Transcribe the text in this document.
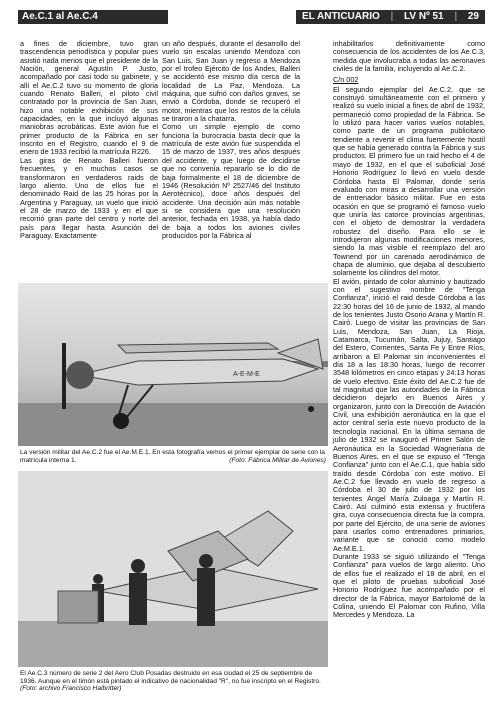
Ae.C.1 al Ae.C.4	EL ANTICUARIO | LV Nº 51 | 29

a fines de diciembre, tuvo gran trascendencia periodística y popular pues asistió nada menos que el presidente de la Nación, general Agustín P. Justo, acompañado por casi todo su gabinete, y allí el Ae.C.2 tuvo su momento de gloria cuando Renato Balleri, el piloto civil contratado por la provincia de San Juan, hizo una notable exhibición de sus capacidades, en la que incluyó algunas maniobras acrobáticas. Este avión fue el primer producto de la Fábrica en ser inscrito en el Registro, cuando el 9 de enero de 1933 recibió la matrícula R226.
Las giras de Renato Balleri fueron frecuentes, y en muchos casos se transformaron en verdaderos raids de largo aliento. Uno de ellos fue el denominado Raid de las 25 horas por la Argentina y Paraguay, un vuelo que inició el 28 de marzo de 1933 y en el que recorrió gran parte del centro y norte del país para llegar hasta Asunción del Paraguay. Exactamente

un año después, durante el desarrollo del vuelo sin escalas uniendo Mendoza con San Luis, San Juan y regreso a Mendoza por el trofeo Ejército de los Andes, Balleri se accidentó ese mismo día cerca de la localidad de La Paz, Mendoza. La máquina, que sufrió con daños graves, se envió a Córdoba, donde se recuperó el motor, mientras que los restos de la célula se tiraron a la chatarra.
Como un simple ejemplo de como funciona la burocracia basta decir que la matrícula de este avión fue suspendida el 15 de marzo de 1937, tres años después del accidente, y que luego de decidirse que no convenía repararlo se lo dio de baja formalmente el 18 de diciembre de 1946 (Resolución Nº 2527/46 del Instituto Aerotécnico), doce años después del accidente. Una decisión aún más notable si se considera que una resolución anterior, fechada en 1938, ya había dado de baja a todos los aviones civiles producidos por la Fábrica al

inhabilitarlos definitivamente como consecuencia de los accidentes de los Ae.C.3, medida que involucraba a todas las aeronaves civiles de la familia, incluyendo al Ae.C.2.

C/n 002

El segundo ejemplar del Ae.C.2, que se construyó simultáneamente con el primero y realizó su vuelo inicial a fines de abril de 1932, permaneció como propiedad de la Fábrica. Se lo utilizó para hacer varios vuelos notables, como parte de un programa publicitario tendiente a revertir el clima fuertemente hostil que se había generado contra la Fábrica y sus productos. El primero fue un raid hecho el 4 de mayo de 1932, en el que el suboficial José Honorio Rodríguez lo llevó en vuelo desde Córdoba hasta El Palomar, donde sería evaluado con miras a desarrollar una versión de entrenador básico militar. Fue en esta ocasión en que se programó el famoso vuelo que uniría las catorce provincias argentinas, con el objeto de demostrar la verdadera robustez del diseño. Para ello se le introdujeron algunas modificaciones menores, siendo la mas visible el reemplazo del aro Townend por un carenado aerodinámico de chapa de aluminio, que dejaba al descubierto solamente los cilindros del motor.
El avión, pintado de color aluminio y bautizado con el sugestivo nombre de "Tenga Confianza", inició el raid desde Córdoba a las 22:30 horas del 16 de junio de 1932, al mando de los tenientes Justo Osorio Arana y Martín R. Cairó. Luego de visitar las provincias de San Luis, Mendoza, San Juan, La Rioja, Catamarca, Tucumán, Salta, Jujuy, Santiago del Estero, Corrientes, Santa Fe y Entre Ríos, arribaron a El Palomar sin inconvenientes el día 18 a las 18:30 horas, luego de recorrer 3548 kilómetros en cinco etapas y 24:13 horas de vuelo efectivo. Este éxito del Ae.C.2 fue de tal magnitud que las autoridades de la Fábrica decidieron dejarlo en Buenos Aires y organizaron, junto con la Dirección de Aviación Civil, una exhibición aeronáutica en la que el actor central sería este nuevo producto de la tecnología nacional. En la última semana de julio de 1932 se inauguró el Primer Salón de Aeronáutica en la Sociedad Wagneriana de Buenos Aires, en el que se expuso el "Tenga Confianza" junto con el Ae.C.1, que había sido traído desde Córdoba con este motivo. El Ae.C.2 fue llevado en vuelo de regreso a Córdoba el 30 de julio de 1932 por los tenientes Ángel María Zuloaga y Martín R. Cairó. Así culminó esta extensa y fructífera gira, cuya consecuencia directa fue la compra, por parte del Ejército, de una serie de aviones para usarlos como entrenadores primarios, variante que se conoció como modelo Ae.M.E.1.
Durante 1933 se siguió utilizando el "Tenga Confianza" para vuelos de largo aliento. Uno de ellos fue el realizado el 18 de abril, en el que el piloto de pruebas suboficial José Honorio Rodríguez fue acompañado por el director de la Fábrica, mayor Bartolomé de la Colina, uniendo El Palomar con Rufino, Villa Mercedes y Mendoza. La

A-E-M-E
La versión militar del Ae.C.2 fue el Ae.M.E.1. En esta fotografía vemos el primer ejemplar de serie con la matrícula interna 1.	(Foto: Fábrica Militar de Aviones)
El Ae.C.3 número de serie 2 del Aero Club Posadas destruido en esa ciudad el 25 de septiembre de 1936. Aunque en el timón está pintado el indicativo de nacionalidad "R", no fue inscripto en el Registro. (Foto: archivo Francisco Halbritter)
